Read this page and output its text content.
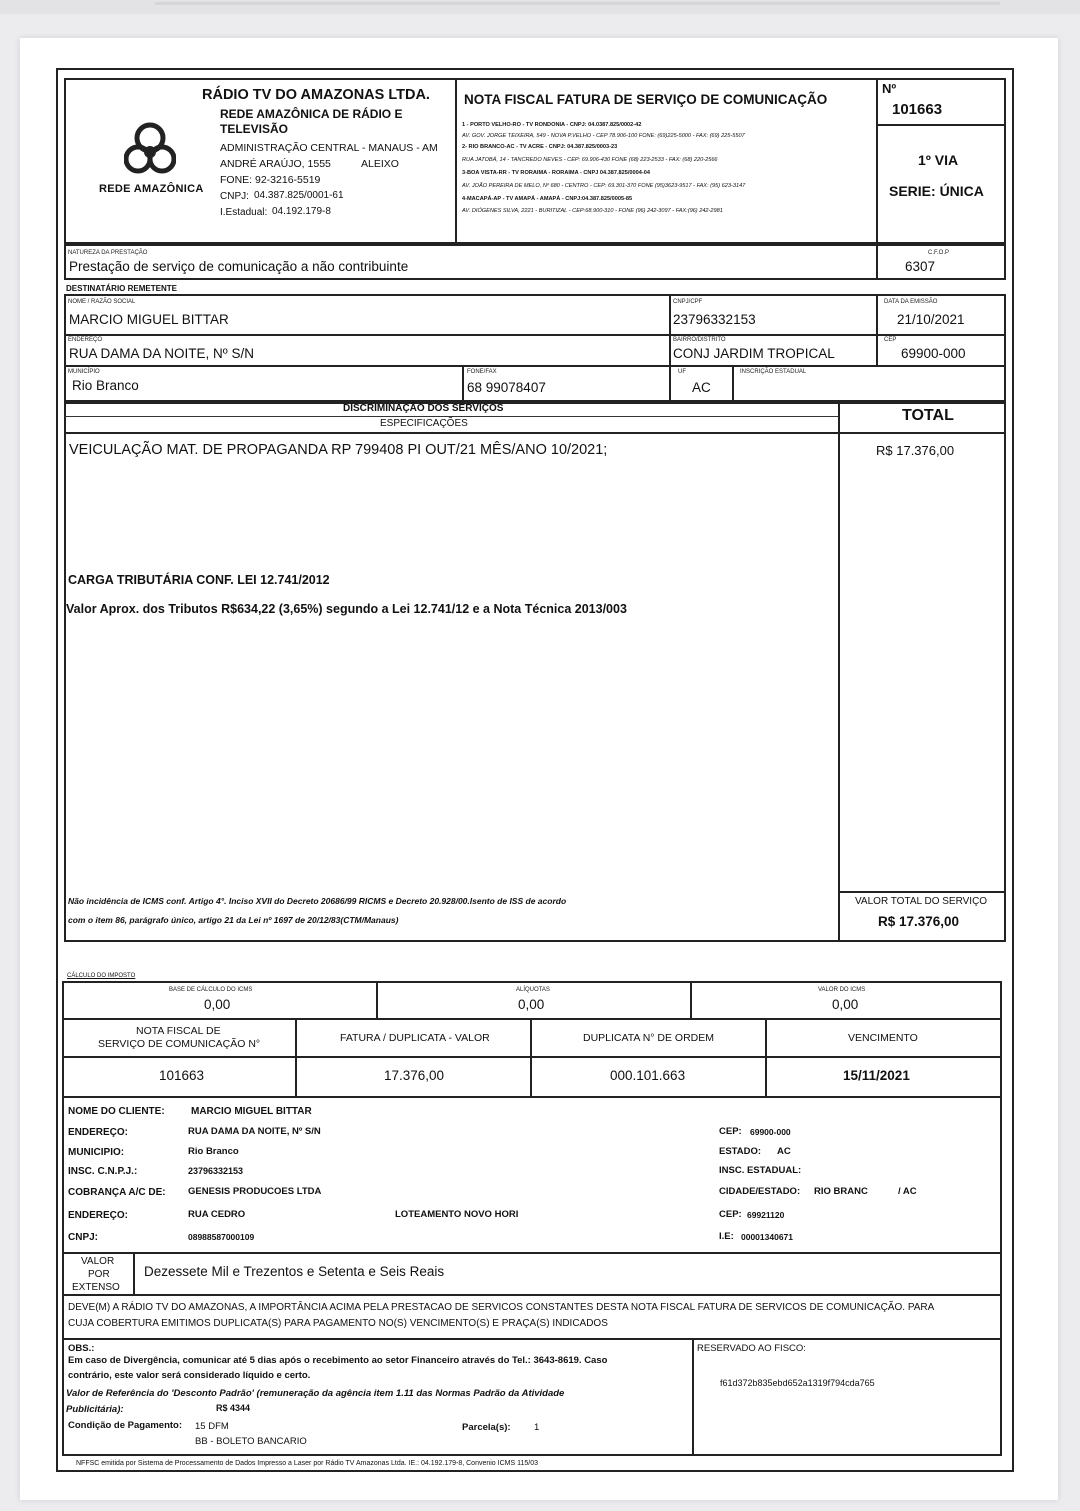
REDE AMAZÔNICA
RÁDIO TV DO AMAZONAS LTDA.
REDE AMAZÔNICA DE RÁDIO E
TELEVISÃO
ADMINISTRAÇÃO CENTRAL - MANAUS - AM
ANDRÉ ARAÚJO, 1555	ALEIXO
FONE: 92-3216-5519
CNPJ: 04.387.825/0001-61
I.Estadual: 04.192.179-8
NOTA FISCAL FATURA DE SERVIÇO DE COMUNICAÇÃO
1 - PORTO VELHO-RO - TV RONDONIA - CNPJ: 04.0387.825/0002-42
AV. GOV. JORGE TEIXEIRA, 549 - NOVA P.VELHO - CEP 78.906-100 FONE: (69)225-5000 - FAX: (69) 225-5507
2- RIO BRANCO-AC - TV ACRE - CNPJ: 04.387.825/0003-23
RUA JATOBÁ, 14 - TANCREDO NEVES - CEP: 69.906-430 FONE (68) 223-2533 - FAX: (68) 220-2566
3-BOA VISTA-RR - TV RORAIMA - RORAIMA - CNPJ 04.387.825/0004-04
AV. JOÃO PEREIRA DE MELO, Nº 680 - CENTRO - CEP: 69.301-370 FONE (95)3623-9517 - FAX: (95) 623-3147
4-MACAPÁ-AP - TV AMAPÁ - AMAPÁ - CNPJ:04.387.825/0005-85
AV. DIÓGENES SILVA, 2221 - BURITIZAL - CEP:68.900-310 - FONE (96) 242-3097 - FAX:(96) 242-2981
Nº
101663
1º VIA
SERIE: ÚNICA
NATUREZA DA PRESTAÇÃO
Prestação de serviço de comunicação a não contribuinte
C.F.O.P
6307
DESTINATÁRIO REMETENTE
NOME / RAZÃO SOCIAL
MARCIO MIGUEL BITTAR
CNPJ/CPF
23796332153
DATA DA EMISSÃO
21/10/2021
ENDEREÇO
RUA DAMA DA NOITE, Nº S/N
BAIRRO/DISTRITO
CONJ JARDIM TROPICAL
CEP
69900-000
MUNICÍPIO
Rio Branco
FONE/FAX
68 99078407
UF
AC
INSCRIÇÃO ESTADUAL
DISCRIMINAÇÃO DOS SERVIÇOS
ESPECIFICAÇÕES	TOTAL
VEICULAÇÃO MAT. DE PROPAGANDA RP 799408 PI OUT/21 MÊS/ANO 10/2021;	R$ 17.376,00
CARGA TRIBUTÁRIA CONF. LEI 12.741/2012
Valor Aprox. dos Tributos R$634,22 (3,65%) segundo a Lei 12.741/12 e a Nota Técnica 2013/003
Não incidência de ICMS conf. Artigo 4°. Inciso XVII do Decreto 20686/99 RICMS e Decreto 20.928/00.Isento de ISS de acordo
com o item 86, parágrafo único, artigo 21 da Lei nº 1697 de 20/12/83(CTM/Manaus)
VALOR TOTAL DO SERVIÇO
R$ 17.376,00
CÁLCULO DO IMPOSTO
BASE DE CÁLCULO DO ICMS
0,00
ALÍQUOTAS
0,00
VALOR DO ICMS
0,00
NOTA FISCAL DE
SERVIÇO DE COMUNICAÇÃO N°	FATURA / DUPLICATA - VALOR	DUPLICATA N° DE ORDEM	VENCIMENTO
101663	17.376,00	000.101.663	15/11/2021
NOME DO CLIENTE:	MARCIO MIGUEL BITTAR
ENDEREÇO:	RUA DAMA DA NOITE, Nº S/N	CEP: 69900-000
MUNICIPIO:	Rio Branco	ESTADO: AC
INSC. C.N.P.J.:	23796332153	INSC. ESTADUAL:
COBRANÇA A/C DE: GENESIS PRODUCOES LTDA	CIDADE/ESTADO: RIO BRANC	/ AC
ENDEREÇO:	RUA CEDRO	LOTEAMENTO NOVO HORI	CEP: 69921120
CNPJ:	08988587000109	I.E: 00001340671
VALOR
POR
EXTENSO
Dezessete Mil e Trezentos e Setenta e Seis Reais
DEVE(M) A RÁDIO TV DO AMAZONAS, A IMPORTÂNCIA ACIMA PELA PRESTACAO DE SERVICOS CONSTANTES DESTA NOTA FISCAL FATURA DE SERVICOS DE COMUNICAÇÃO. PARA
CUJA COBERTURA EMITIMOS DUPLICATA(S) PARA PAGAMENTO NO(S) VENCIMENTO(S) E PRAÇA(S) INDICADOS
OBS.:
Em caso de Divergência, comunicar até 5 dias após o recebimento ao setor Financeiro através do Tel.: 3643-8619. Caso
contrário, este valor será considerado líquido e certo.
Valor de Referência do 'Desconto Padrão' (remuneração da agência item 1.11 das Normas Padrão da Atividade
Publicitária):	R$ 4344
Condição de Pagamento: 15 DFM	Parcela(s): 1
BB - BOLETO BANCARIO
RESERVADO AO FISCO:
f61d372b835ebd652a1319f794cda765
NFFSC emitida por Sistema de Processamento de Dados Impresso a Laser por Rádio TV Amazonas Ltda. IE.: 04.192.179-8, Convenio ICMS 115/03
